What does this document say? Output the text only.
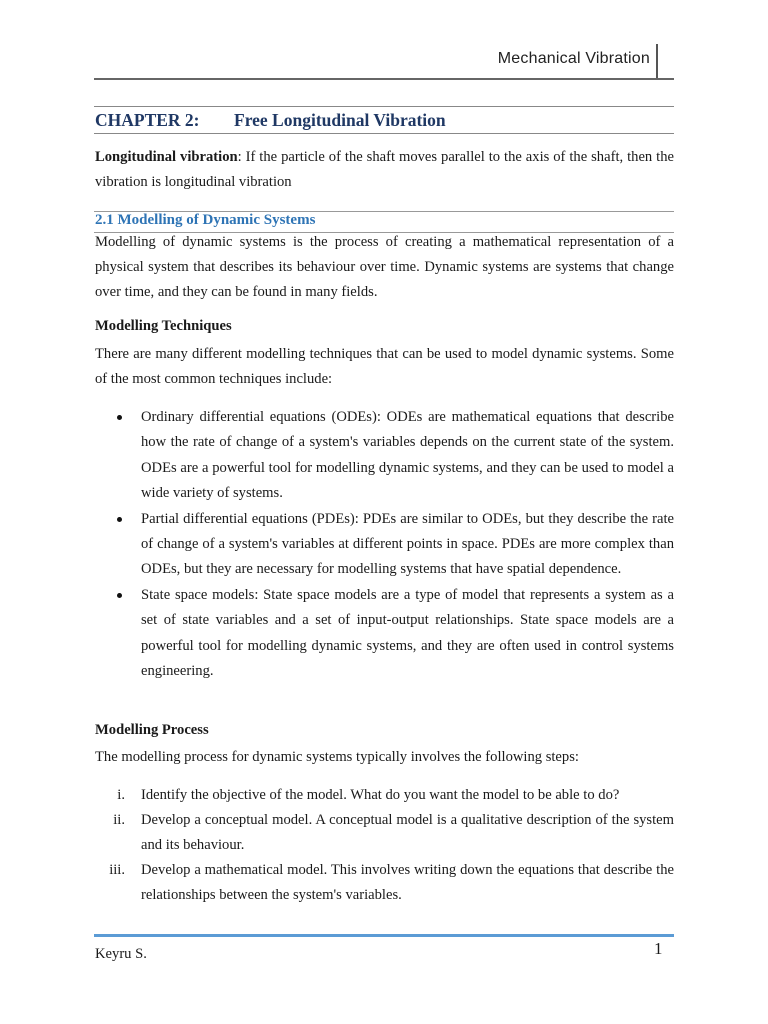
Mechanical Vibration
CHAPTER 2: Free Longitudinal Vibration

Longitudinal vibration: If the particle of the shaft moves parallel to the axis of the shaft, then the vibration is longitudinal vibration

2.1 Modelling of Dynamic Systems

Modelling of dynamic systems is the process of creating a mathematical representation of a physical system that describes its behaviour over time. Dynamic systems are systems that change over time, and they can be found in many fields.

Modelling Techniques

There are many different modelling techniques that can be used to model dynamic systems. Some of the most common techniques include:

Ordinary differential equations (ODEs): ODEs are mathematical equations that describe how the rate of change of a system's variables depends on the current state of the system. ODEs are a powerful tool for modelling dynamic systems, and they can be used to model a wide variety of systems.
Partial differential equations (PDEs): PDEs are similar to ODEs, but they describe the rate of change of a system's variables at different points in space. PDEs are more complex than ODEs, but they are necessary for modelling systems that have spatial dependence.
State space models: State space models are a type of model that represents a system as a set of state variables and a set of input-output relationships. State space models are a powerful tool for modelling dynamic systems, and they are often used in control systems engineering.
Modelling Process

The modelling process for dynamic systems typically involves the following steps:

i. Identify the objective of the model. What do you want the model to be able to do?
ii. Develop a conceptual model. A conceptual model is a qualitative description of the system and its behaviour.
iii. Develop a mathematical model. This involves writing down the equations that describe the relationships between the system's variables.
Keyru S.	1
